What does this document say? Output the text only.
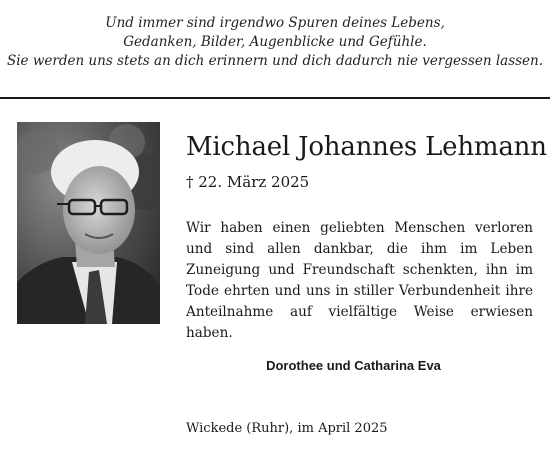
Und immer sind irgendwo Spuren deines Lebens,
Gedanken, Bilder, Augenblicke und Gefühle.
Sie werden uns stets an dich erinnern und dich dadurch nie vergessen lassen.
Michael Johannes Lehmann
† 22. März 2025
Wir haben einen geliebten Menschen verloren
und sind allen dankbar, die ihm im Leben
Zuneigung und Freundschaft schenkten, ihn im
Tode ehrten und uns in stiller Verbundenheit ihre
Anteilnahme auf vielfältige Weise erwiesen haben.
Dorothee und Catharina Eva
Wickede (Ruhr), im April 2025
